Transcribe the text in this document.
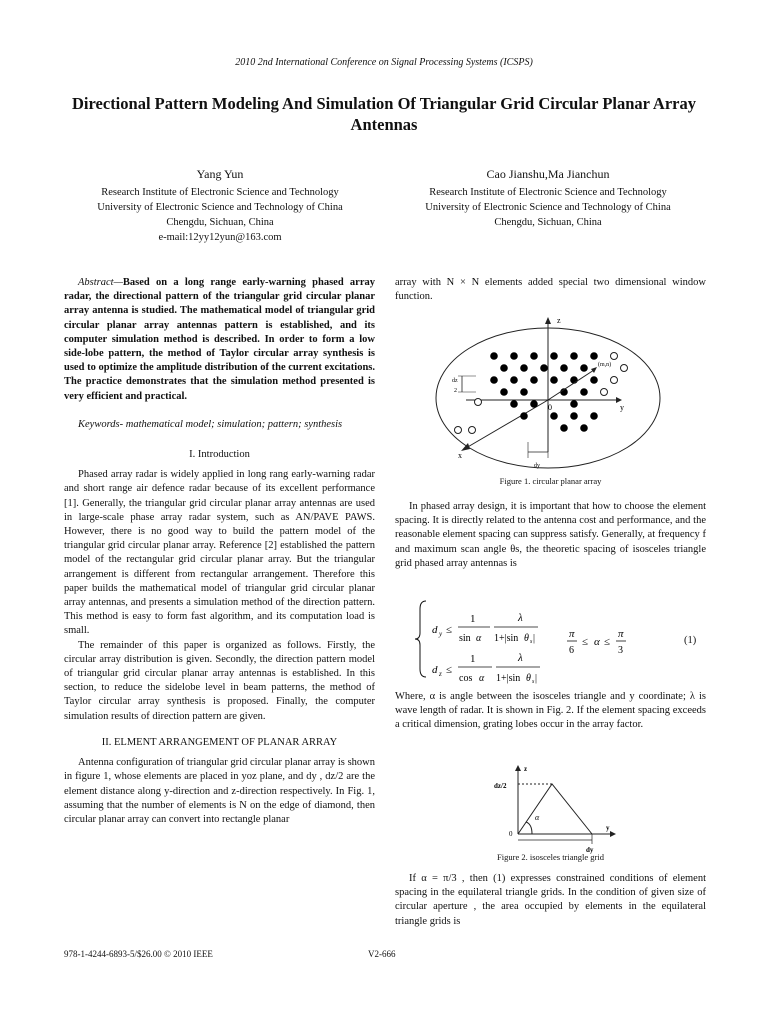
2010 2nd International Conference on Signal Processing Systems (ICSPS)
Directional Pattern Modeling And Simulation Of Triangular Grid Circular Planar Array Antennas
Yang Yun
Research Institute of Electronic Science and Technology
University of Electronic Science and Technology of China
Chengdu, Sichuan, China
e-mail:12yy12yun@163.com
Cao Jianshu,Ma Jianchun
Research Institute of Electronic Science and Technology
University of Electronic Science and Technology of China
Chengdu, Sichuan, China

Abstract—Based on a long range early-warning phased array radar, the directional pattern of the triangular grid circular planar array antenna is studied. The mathematical model of triangular grid circular planar array antennas pattern is established, and its computer simulation method is described. In order to form a low side-lobe pattern, the method of Taylor circular array synthesis is used to optimize the amplitude distribution of the current excitations. The practice demonstrates that the simulation method presented is very efficient and practical.

Keywords- mathematical model; simulation; pattern; synthesis

I. Introduction

Phased array radar is widely applied in long rang early-warning radar and short range air defence radar because of its excellent performance [1]. Generally, the triangular grid circular planar array antennas are used in large-scale phase array radar system, such as AN/PAVE PAWS. However, there is no good way to build the pattern model of the triangular grid circular planar array. Reference [2] established the pattern model of the rectangular grid circular planar array. But the triangular arrangement is different from rectangular arrangement. Therefore this paper builds the mathematical model of triangular grid circular planar array antennas, and presents a simulation method of the direction pattern. This method is easy to form fast algorithm, and its computation load is small.

The remainder of this paper is organized as follows. Firstly, the circular array distribution is given. Secondly, the direction pattern model of triangular grid circular planar array antennas is established. In this section, to reduce the sidelobe level in beam patterns, the method of Taylor circular array synthesis is proposed. Finally, the computer simulation results of direction pattern are given.

II. ELMENT ARRANGEMENT OF PLANAR ARRAY

Antenna configuration of triangular grid circular planar array is shown in figure 1, whose elements are placed in yoz plane, and dy , dz/2 are the element distance along y-direction and z-direction respectively. In Fig. 1, assuming that the number of elements is N on the edge of diamond, then circular planar array can convert into rectangle planar

array with N × N elements added special two dimensional window function.

(m,n)
z
y
x
0
dz
2
dy
Figure 1. circular planar array

In phased array design, it is important that how to choose the element spacing. It is directly related to the antenna cost and performance, and the reasonable element spacing can suppress satisfy. Generally, at frequency f and maximum scan angle θs, the theoretic spacing of isosceles triangle grid phased array antennas is

d y ≤
1
sin α
λ
1+|sin θ s |
d z ≤
1
cos α
λ
1+|sin θ s |
π
6
≤ α ≤
π
3
(1)

Where, α is angle between the isosceles triangle and y coordinate; λ is wave length of radar. It is shown in Fig. 2. If the element spacing exceeds a critical dimension, grating lobes occur in the array factor.

z
y
0
dz/2
α
dy
Figure 2. isosceles triangle grid

If α = π/3 , then (1) expresses constrained conditions of element spacing in the equilateral triangle grids. In the condition of given size of circular aperture , the area occupied by elements in the equilateral triangle grids is

978-1-4244-6893-5/$26.00 © 2010 IEEE	V2-666
